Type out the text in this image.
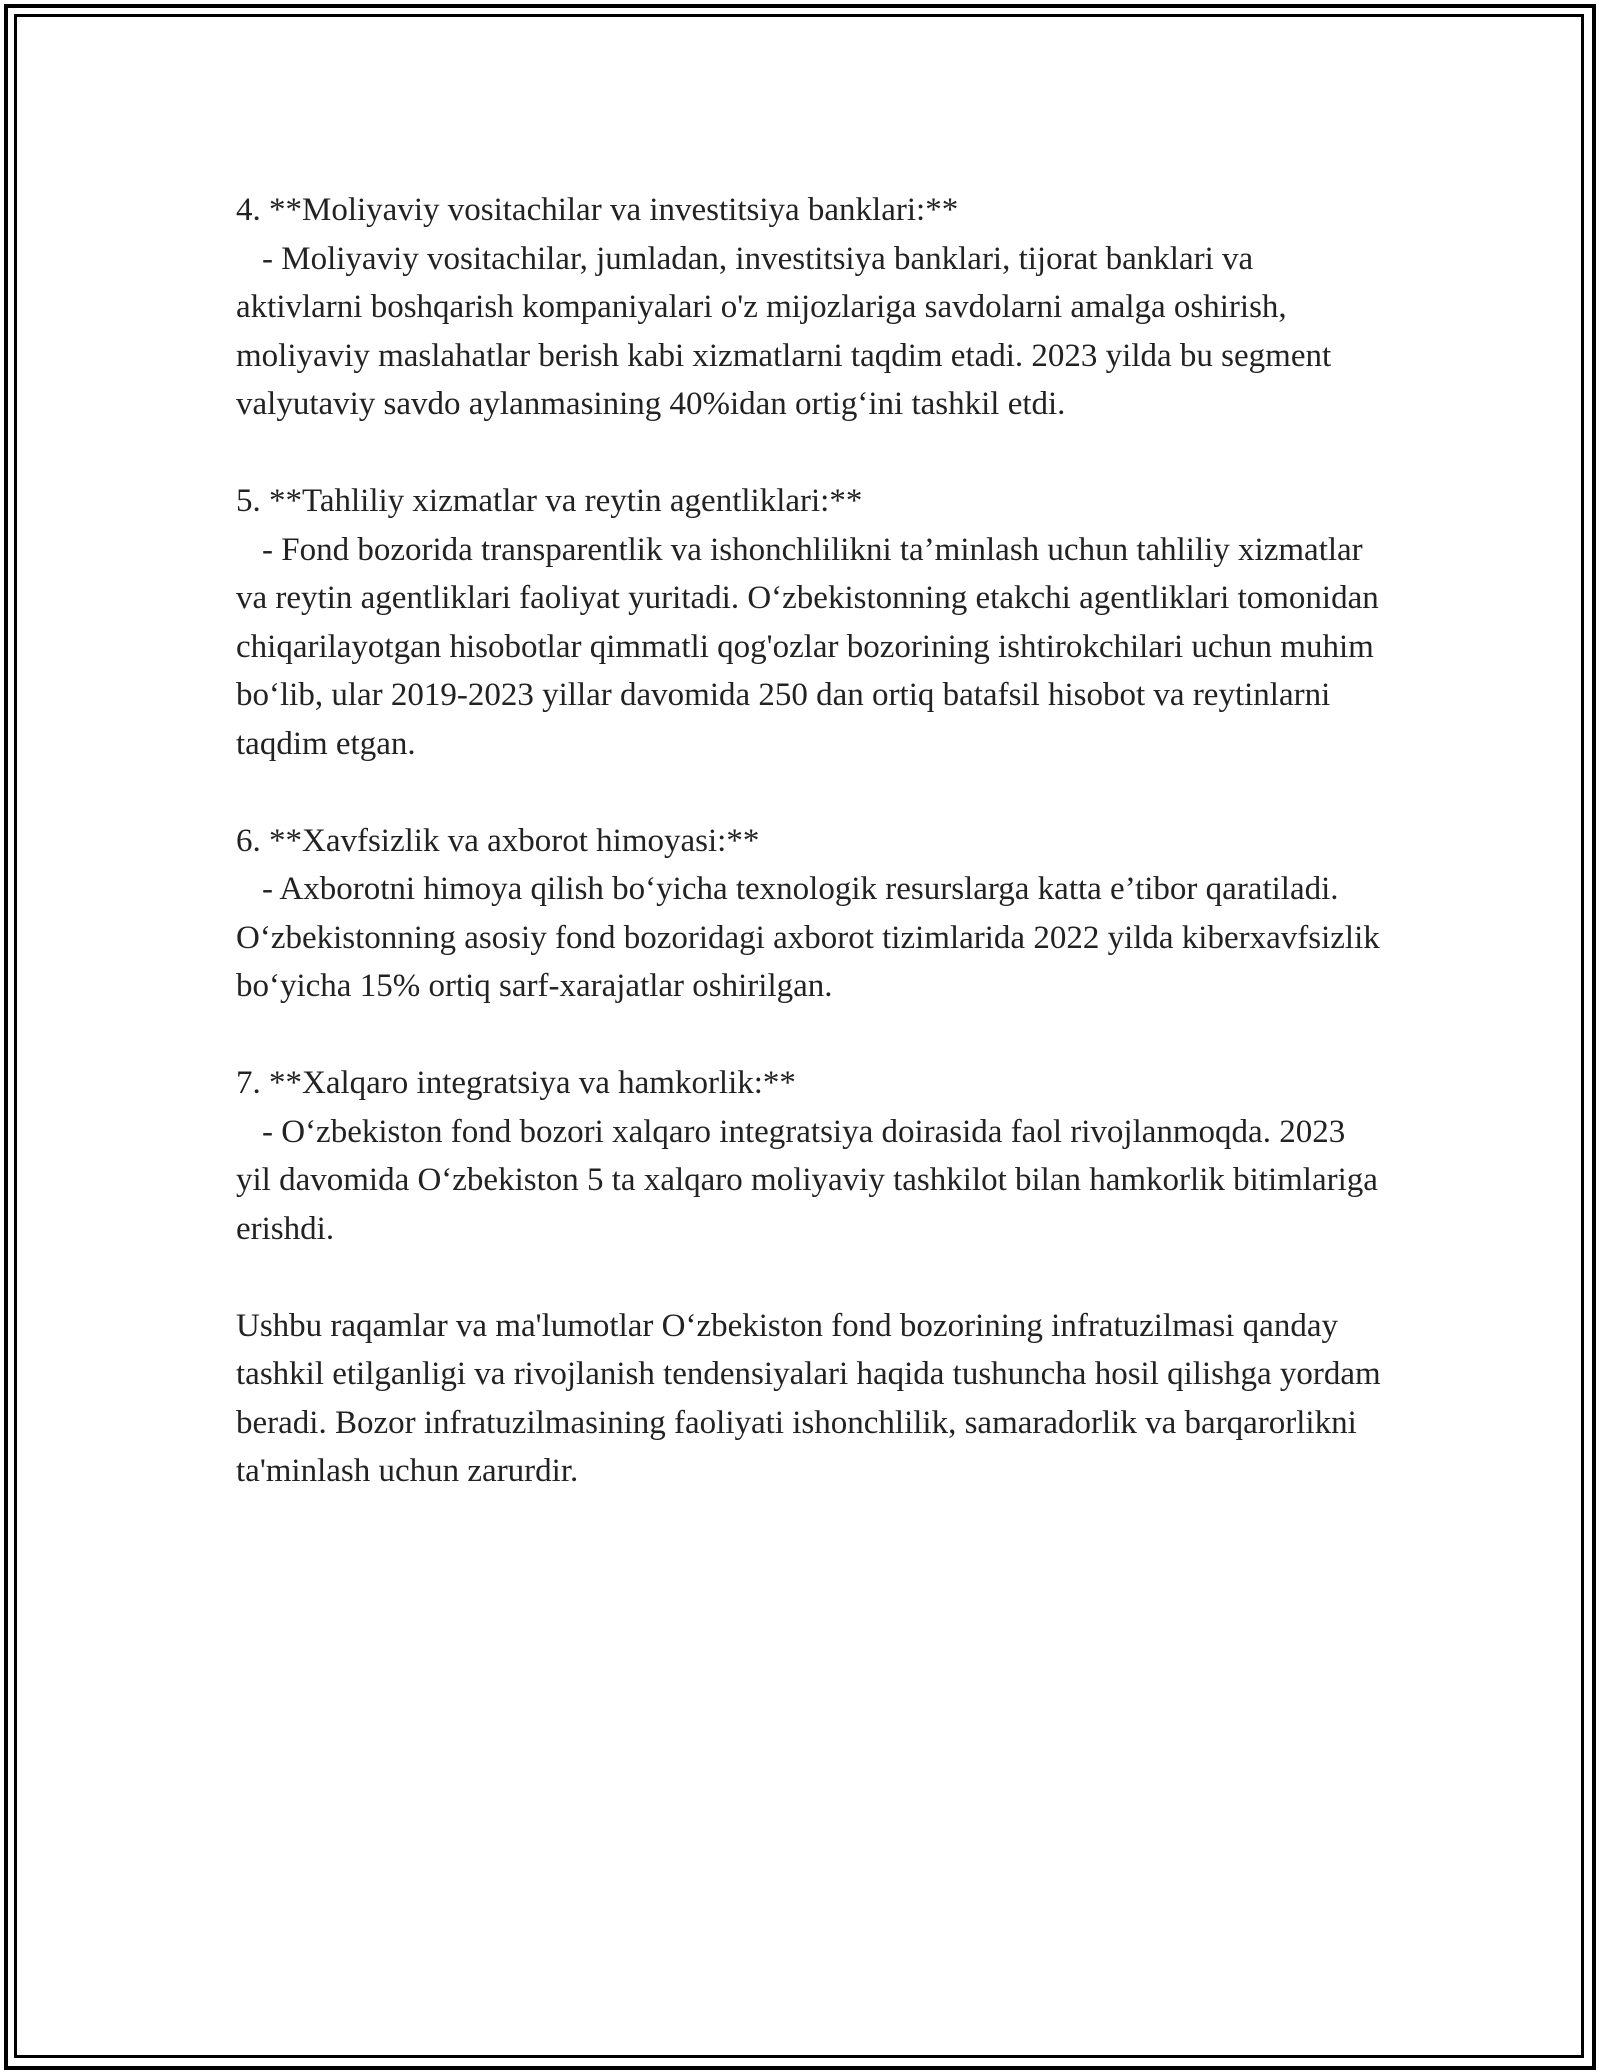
4. **Moliyaviy vositachilar va investitsiya banklari:**

- Moliyaviy vositachilar, jumladan, investitsiya banklari, tijorat banklari va aktivlarni boshqarish kompaniyalari o'z mijozlariga savdolarni amalga oshirish, moliyaviy maslahatlar berish kabi xizmatlarni taqdim etadi. 2023 yilda bu segment valyutaviy savdo aylanmasining 40%idan ortig‘ini tashkil etdi.

5. **Tahliliy xizmatlar va reytin agentliklari:**

- Fond bozorida transparentlik va ishonchlilikni ta’minlash uchun tahliliy xizmatlar va reytin agentliklari faoliyat yuritadi. O‘zbekistonning etakchi agentliklari tomonidan chiqarilayotgan hisobotlar qimmatli qog'ozlar bozorining ishtirokchilari uchun muhim bo‘lib, ular 2019-2023 yillar davomida 250 dan ortiq batafsil hisobot va reytinlarni taqdim etgan.

6. **Xavfsizlik va axborot himoyasi:**

- Axborotni himoya qilish bo‘yicha texnologik resurslarga katta e’tibor qaratiladi. O‘zbekistonning asosiy fond bozoridagi axborot tizimlarida 2022 yilda kiberxavfsizlik bo‘yicha 15% ortiq sarf-xarajatlar oshirilgan.

7. **Xalqaro integratsiya va hamkorlik:**

- O‘zbekiston fond bozori xalqaro integratsiya doirasida faol rivojlanmoqda. 2023 yil davomida O‘zbekiston 5 ta xalqaro moliyaviy tashkilot bilan hamkorlik bitimlariga erishdi.

Ushbu raqamlar va ma'lumotlar O‘zbekiston fond bozorining infratuzilmasi qanday tashkil etilganligi va rivojlanish tendensiyalari haqida tushuncha hosil qilishga yordam beradi. Bozor infratuzilmasining faoliyati ishonchlilik, samaradorlik va barqarorlikni ta'minlash uchun zarurdir.
